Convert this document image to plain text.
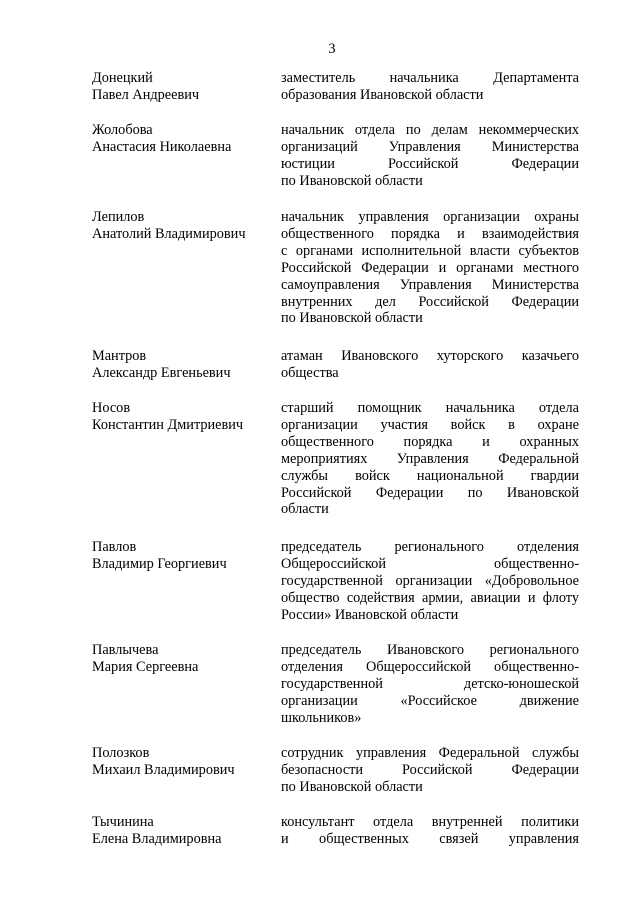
3
Донецкий
Павел Андреевич
заместитель начальника Департамента
образования Ивановской области
Жолобова
Анастасия Николаевна
начальник отдела по делам некоммерческих
организаций Управления Министерства
юстиции Российской Федерации
по Ивановской области
Лепилов
Анатолий Владимирович
начальник управления организации охраны
общественного порядка и взаимодействия
с органами исполнительной власти субъектов
Российской Федерации и органами местного
самоуправления Управления Министерства
внутренних дел Российской Федерации
по Ивановской области
Мантров
Александр Евгеньевич
атаман Ивановского хуторского казачьего
общества
Носов
Константин Дмитриевич
старший помощник начальника отдела
организации участия войск в охране
общественного порядка и охранных
мероприятиях Управления Федеральной
службы войск национальной гвардии
Российской Федерации по Ивановской
области
Павлов
Владимир Георгиевич
председатель регионального отделения
Общероссийской общественно-
государственной организации «Добровольное
общество содействия армии, авиации и флоту
России» Ивановской области
Павлычева
Мария Сергеевна
председатель Ивановского регионального
отделения Общероссийской общественно-
государственной детско-юношеской
организации «Российское движение
школьников»
Полозков
Михаил Владимирович
сотрудник управления Федеральной службы
безопасности Российской Федерации
по Ивановской области
Тычинина
Елена Владимировна
консультант отдела внутренней политики
и общественных связей управления
